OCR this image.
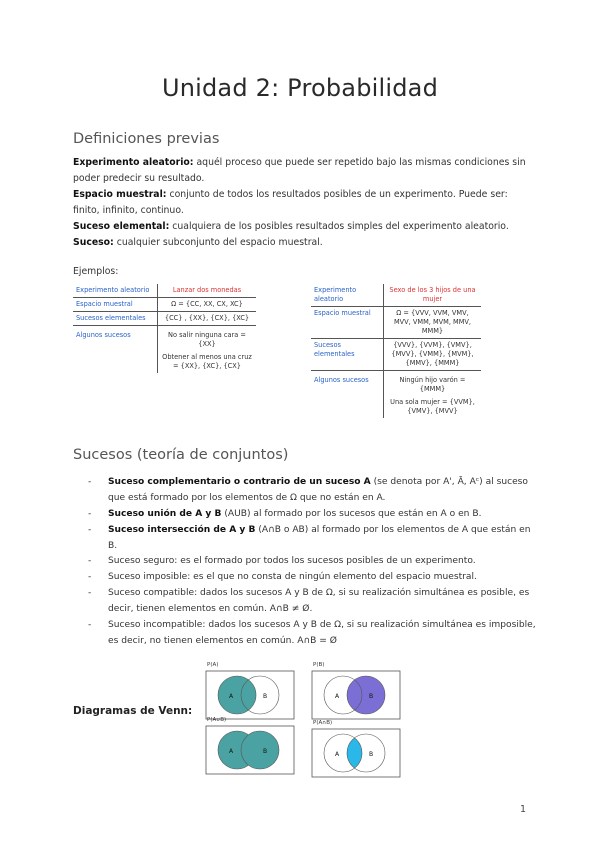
Unidad 2: Probabilidad
Definiciones previas

Experimento aleatorio: aquél proceso que puede ser repetido bajo las mismas condiciones sin poder predecir su resultado.

Espacio muestral: conjunto de todos los resultados posibles de un experimento. Puede ser: finito, infinito, continuo.

Suceso elemental: cualquiera de los posibles resultados simples del experimento aleatorio.

Suceso: cualquier subconjunto del espacio muestral.

Ejemplos:
Experimento aleatorio	Lanzar dos monedas
Espacio muestral	Ω = {CC, XX, CX, XC}
Sucesos elementales	{CC} , {XX}, {CX}, {XC}
Algunos sucesos	No salir ninguna cara = {XX}
Obtener al menos una cruz = {XX}, {XC}, {CX}
Experimento aleatorio	Sexo de los 3 hijos de una mujer
Espacio muestral	Ω = {VVV, VVM, VMV, MVV, VMM, MVM, MMV, MMM}
Sucesos elementales	{VVV}, {VVM}, {VMV}, {MVV}, {VMM}, {MVM}, {MMV}, {MMM}
Algunos sucesos	Ningún hijo varón = {MMM}
Una sola mujer = {VVM}, {VMV}, {MVV}
Sucesos (teoría de conjuntos)
- Suceso complementario o contrario de un suceso A (se denota por A', Ā, Aᶜ) al suceso que está formado por los elementos de Ω que no están en A.
- Suceso unión de A y B (AUB) al formado por los sucesos que están en A o en B.
- Suceso intersección de A y B (A∩B o AB) al formado por los elementos de A que están en B.
- Suceso seguro: es el formado por todos los sucesos posibles de un experimento.
- Suceso imposible: es el que no consta de ningún elemento del espacio muestral.
- Suceso compatible: dados los sucesos A y B de Ω, si su realización simultánea es posible, es decir, tienen elementos en común. A∩B ≠ Ø.
- Suceso incompatible: dados los sucesos A y B de Ω, si su realización simultánea es imposible, es decir, no tienen elementos en común. A∩B = Ø
Diagramas de Venn:
P(A)
A	B
P(B)
A	B
P(A∪B)
A	B
P(A∩B)
A	B
1
